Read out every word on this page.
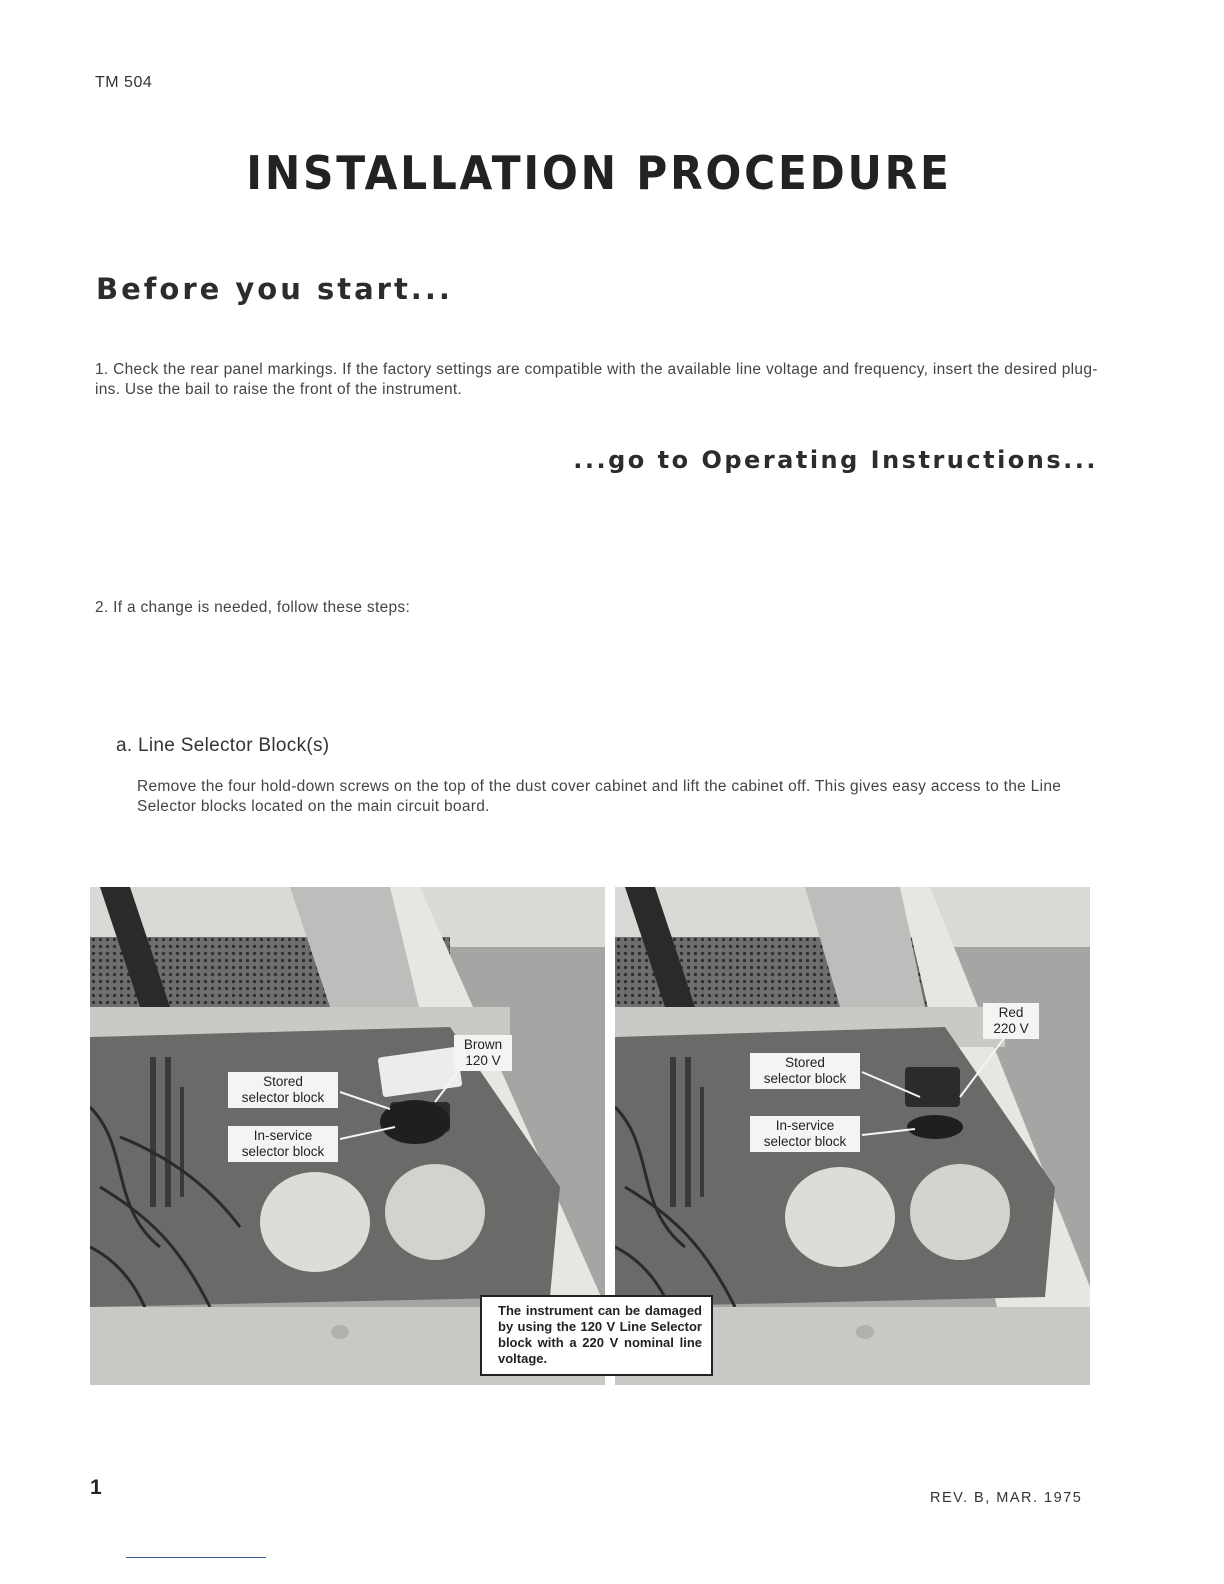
TM 504
INSTALLATION PROCEDURE
Before you start...
1. Check the rear panel markings. If the factory settings are compatible with the available line voltage and frequency, insert the desired plug-ins. Use the bail to raise the front of the instrument.
...go to Operating Instructions...
2. If a change is needed, follow these steps:
a. Line Selector Block(s)
Remove the four hold-down screws on the top of the dust cover cabinet and lift the cabinet off. This gives easy access to the Line Selector blocks located on the main circuit board.
Brown
120 V
Stored
selector block
In-service
selector block
Red
220 V
Stored
selector block
In-service
selector block
The instrument can be damaged by using the 120 V Line Selector block with a 220 V nominal line voltage.
1	REV. B, MAR. 1975
